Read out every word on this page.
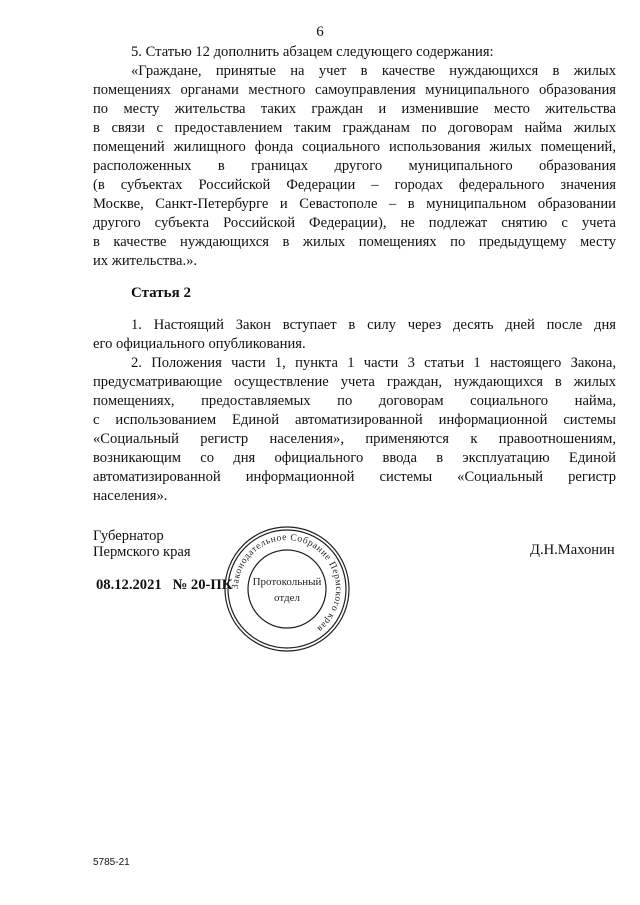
6
5. Статью 12 дополнить абзацем следующего содержания:
«Граждане, принятые на учет в качестве нуждающихся в жилых
помещениях органами местного самоуправления муниципального образования
по месту жительства таких граждан и изменившие место жительства
в связи с предоставлением таким гражданам по договорам найма жилых
помещений жилищного фонда социального использования жилых помещений,
расположенных в границах другого муниципального образования
(в субъектах Российской Федерации – городах федерального значения
Москве, Санкт-Петербурге и Севастополе – в муниципальном образовании
другого субъекта Российской Федерации), не подлежат снятию с учета
в качестве нуждающихся в жилых помещениях по предыдущему месту
их жительства.».
Статья 2
1. Настоящий Закон вступает в силу через десять дней после дня
его официального опубликования.
2. Положения части 1, пункта 1 части 3 статьи 1 настоящего Закона,
предусматривающие осуществление учета граждан, нуждающихся в жилых
помещениях, предоставляемых по договорам социального найма,
с использованием Единой автоматизированной информационной системы
«Социальный регистр населения», применяются к правоотношениям,
возникающим со дня официального ввода в эксплуатацию Единой
автоматизированной информационной системы «Социальный регистр
населения».
Губернатор
Пермского края	Д.Н.Махонин
08.12.2021   № 20-ПК
Законодательное Собрание Пермского края
Протокольный
отдел
5785-21
